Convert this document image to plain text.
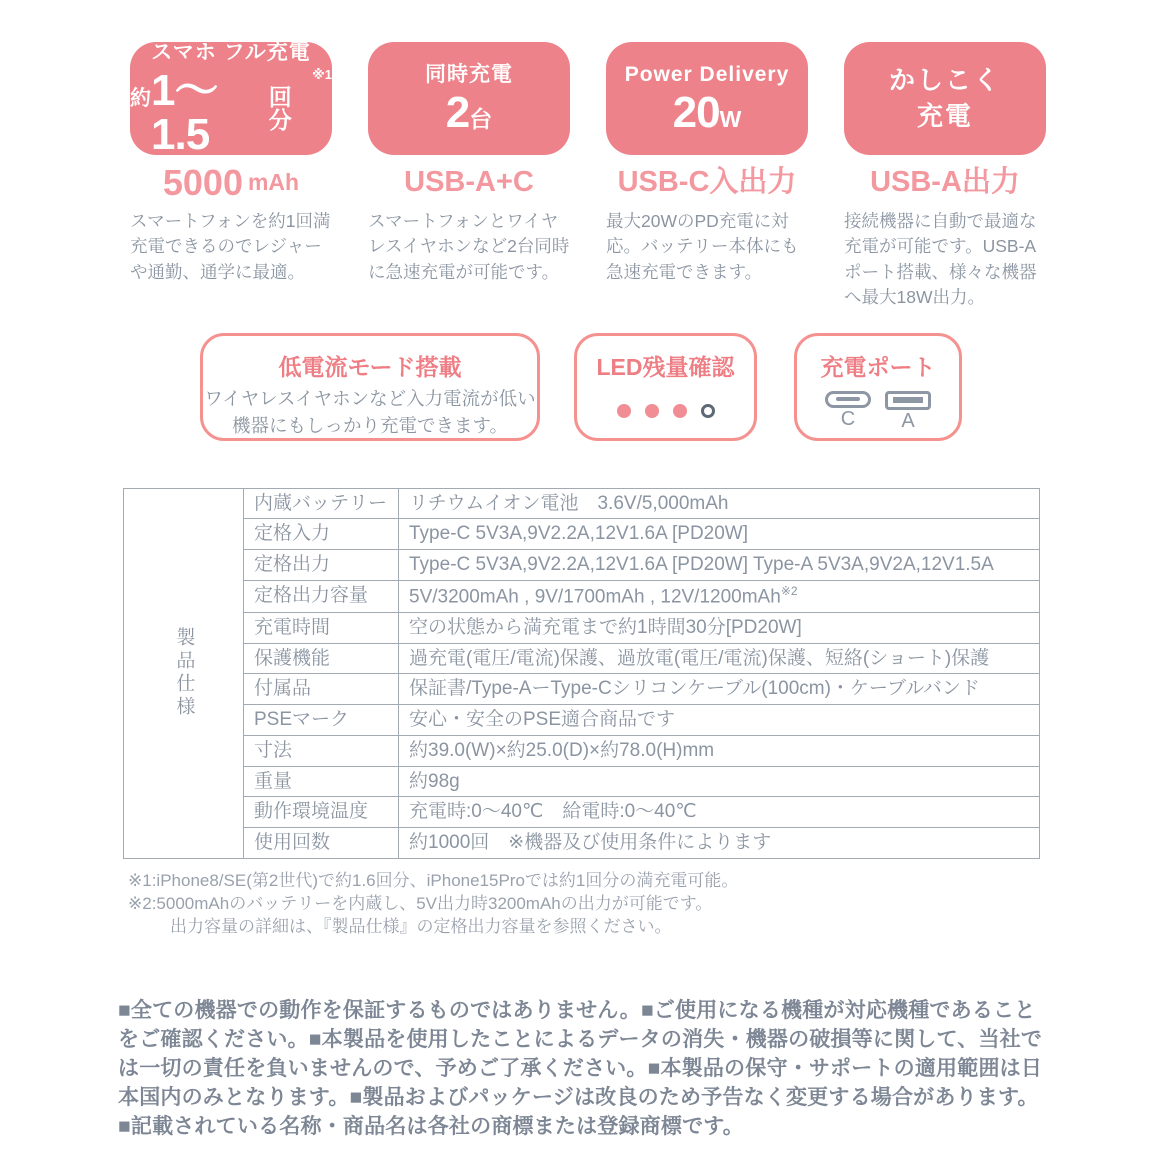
スマホ フル充電
約 1〜1.5
回分
※1
5000 mAh

スマートフォンを約1回満充電できるのでレジャーや通勤、通学に最適。

同時充電
2 台
USB-A+C

スマートフォンとワイヤレスイヤホンなど2台同時に急速充電が可能です。

Power Delivery
20 W
USB-C入出力

最大20WのPD充電に対応。バッテリー本体にも急速充電できます。

かしこく
充電
USB-A出力

接続機器に自動で最適な充電が可能です。USB-Aポート搭載、様々な機器へ最大18W出力。

低電流モード搭載

ワイヤレスイヤホンなど入力電流が低い機器にもしっかり充電できます。

LED残量確認	充電ポート
C A
製品仕様	内蔵バッテリー	リチウムイオン電池　3.6V/5,000mAh
	定格入力	Type-C 5V3A,9V2.2A,12V1.6A [PD20W]
	定格出力	Type-C 5V3A,9V2.2A,12V1.6A [PD20W] Type-A 5V3A,9V2A,12V1.5A
	定格出力容量	5V/3200mAh , 9V/1700mAh , 12V/1200mAh$^{※2}$
	充電時間	空の状態から満充電まで約1時間30分[PD20W]
	保護機能	過充電(電圧/電流)保護、過放電(電圧/電流)保護、短絡(ショート)保護
	付属品	保証書/Type-AーType-Cシリコンケーブル(100cm)・ケーブルバンド
	PSEマーク	安心・安全のPSE適合商品です
	寸法	約39.0(W)×約25.0(D)×約78.0(H)mm
	重量	約98g
	動作環境温度	充電時:0〜40℃　給電時:0〜40℃
	使用回数	約1000回　※機器及び使用条件によります
※1:iPhone8/SE(第2世代)で約1.6回分、iPhone15Proでは約1回分の満充電可能。
※2:5000mAhのバッテリーを内蔵し、5V出力時3200mAhの出力が可能です。
出力容量の詳細は、『製品仕様』の定格出力容量を参照ください。

■全ての機器での動作を保証するものではありません。■ご使用になる機種が対応機種であることをご確認ください。■本製品を使用したことによるデータの消失・機器の破損等に関して、当社では一切の責任を負いませんので、予めご了承ください。■本製品の保守・サポートの適用範囲は日本国内のみとなります。■製品およびパッケージは改良のため予告なく変更する場合があります。■記載されている名称・商品名は各社の商標または登録商標です。
